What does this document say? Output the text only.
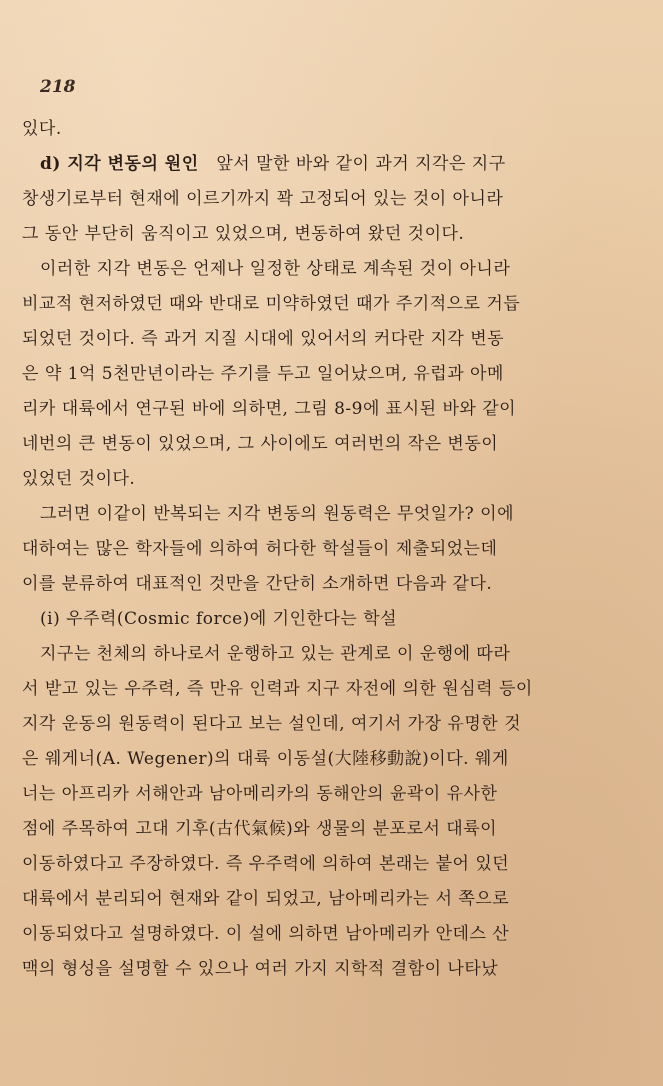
218
있다.
d) 지각 변동의 원인 앞서 말한 바와 같이 과거 지각은 지구
창생기로부터 현재에 이르기까지 꽉 고정되어 있는 것이 아니라
그 동안 부단히 움직이고 있었으며, 변동하여 왔던 것이다.
이러한 지각 변동은 언제나 일정한 상태로 계속된 것이 아니라
비교적 현저하였던 때와 반대로 미약하였던 때가 주기적으로 거듭
되었던 것이다. 즉 과거 지질 시대에 있어서의 커다란 지각 변동
은 약 1억 5천만년이라는 주기를 두고 일어났으며, 유럽과 아메
리카 대륙에서 연구된 바에 의하면, 그림 8-9에 표시된 바와 같이
네번의 큰 변동이 있었으며, 그 사이에도 여러번의 작은 변동이
있었던 것이다.
그러면 이같이 반복되는 지각 변동의 원동력은 무엇일가? 이에
대하여는 많은 학자들에 의하여 허다한 학설들이 제출되었는데
이를 분류하여 대표적인 것만을 간단히 소개하면 다음과 같다.
(i) 우주력(Cosmic force)에 기인한다는 학설
지구는 천체의 하나로서 운행하고 있는 관계로 이 운행에 따라
서 받고 있는 우주력, 즉 만유 인력과 지구 자전에 의한 원심력 등이
지각 운동의 원동력이 된다고 보는 설인데, 여기서 가장 유명한 것
은 웨게너(A. Wegener)의 대륙 이동설(大陸移動說)이다. 웨게
너는 아프리카 서해안과 남아메리카의 동해안의 윤곽이 유사한
점에 주목하여 고대 기후(古代氣候)와 생물의 분포로서 대륙이
이동하였다고 주장하였다. 즉 우주력에 의하여 본래는 붙어 있던
대륙에서 분리되어 현재와 같이 되었고, 남아메리카는 서 쪽으로
이동되었다고 설명하였다. 이 설에 의하면 남아메리카 안데스 산
맥의 형성을 설명할 수 있으나 여러 가지 지학적 결함이 나타났
